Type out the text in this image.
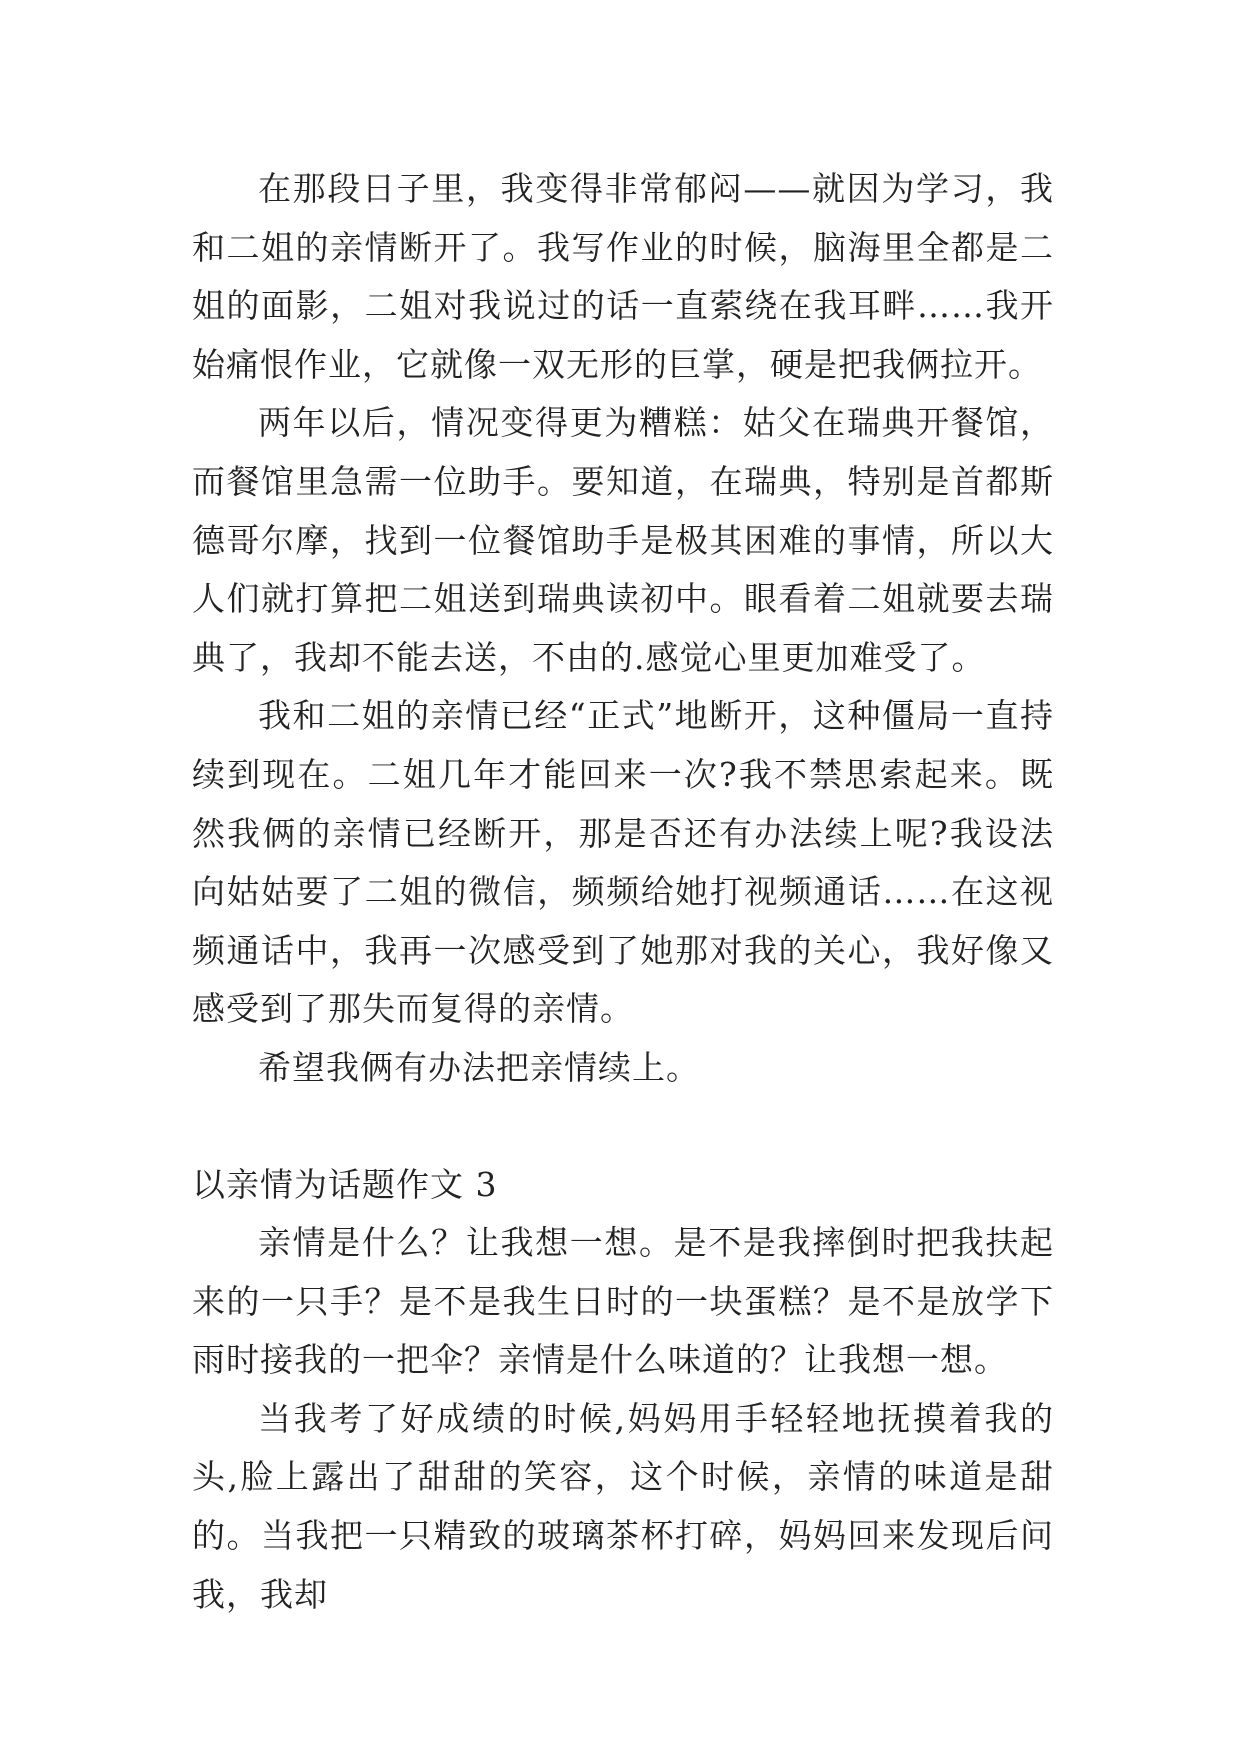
在那段日子里，我变得非常郁闷——就因为学习，我和二姐的亲情断开了。我写作业的时候，脑海里全都是二姐的面影，二姐对我说过的话一直萦绕在我耳畔……我开始痛恨作业，它就像一双无形的巨掌，硬是把我俩拉开。

两年以后，情况变得更为糟糕：姑父在瑞典开餐馆，而餐馆里急需一位助手。要知道，在瑞典，特别是首都斯德哥尔摩，找到一位餐馆助手是极其困难的事情，所以大人们就打算把二姐送到瑞典读初中。眼看着二姐就要去瑞典了，我却不能去送，不由的.感觉心里更加难受了。

我和二姐的亲情已经“正式”地断开，这种僵局一直持续到现在。二姐几年才能回来一次?我不禁思索起来。既然我俩的亲情已经断开，那是否还有办法续上呢?我设法向姑姑要了二姐的微信，频频给她打视频通话……在这视频通话中，我再一次感受到了她那对我的关心，我好像又感受到了那失而复得的亲情。

希望我俩有办法把亲情续上。

以亲情为话题作文 3

亲情是什么？让我想一想。是不是我摔倒时把我扶起来的一只手？是不是我生日时的一块蛋糕？是不是放学下雨时接我的一把伞？亲情是什么味道的？让我想一想。

当我考了好成绩的时候,妈妈用手轻轻地抚摸着我的头,脸上露出了甜甜的笑容，这个时候，亲情的味道是甜的。当我把一只精致的玻璃茶杯打碎，妈妈回来发现后问我，我却
